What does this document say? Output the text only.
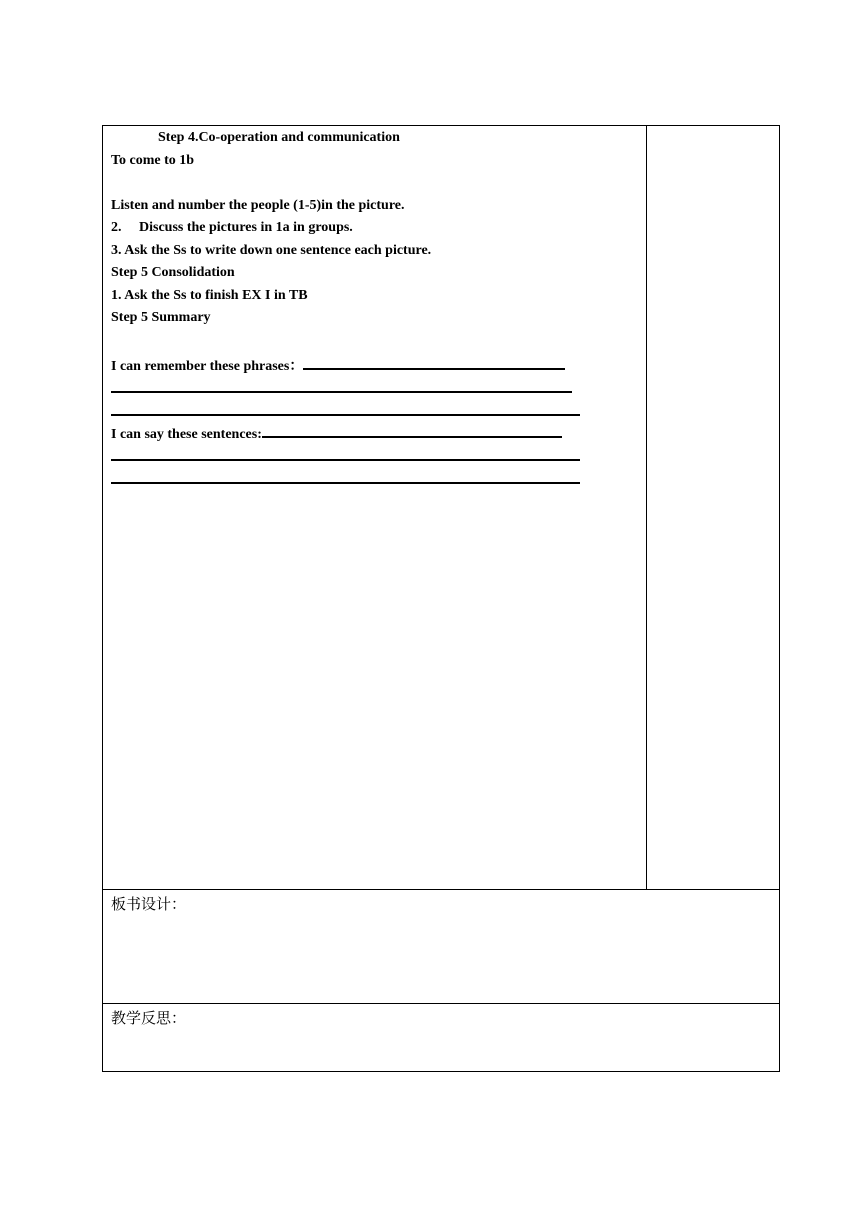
Step 4.Co-operation and communication
To come to 1b
Listen and number the people (1-5)in the picture.
2. Discuss the pictures in 1a in groups.
3. Ask the Ss to write down one sentence each picture.
Step 5 Consolidation
1. Ask the Ss to finish EX I in TB
Step 5 Summary
I can remember these phrases：
I can say these sentences:
板书设计：
教学反思：
